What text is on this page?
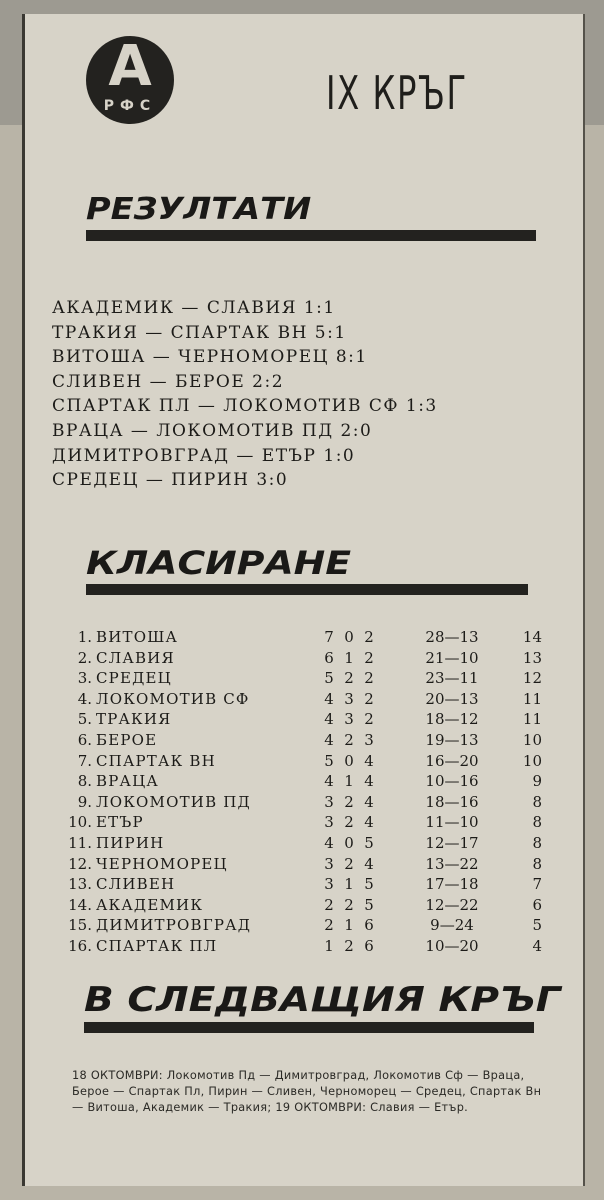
А
РФС	IX КРЪГ
РЕЗУЛТАТИ
АКАДЕМИК — СЛАВИЯ 1:1
ТРАКИЯ — СПАРТАК ВН 5:1
ВИТОША — ЧЕРНОМОРЕЦ 8:1
СЛИВЕН — БЕРОЕ 2:2
СПАРТАК ПЛ — ЛОКОМОТИВ СФ 1:3
ВРАЦА — ЛОКОМОТИВ ПД 2:0
ДИМИТРОВГРАД — ЕТЪР 1:0
СРЕДЕЦ — ПИРИН 3:0
КЛАСИРАНЕ
1. ВИТОША	7 0 2	28—13	14
2. СЛАВИЯ	6 1 2	21—10	13
3. СРЕДЕЦ	5 2 2	23—11	12
4. ЛОКОМОТИВ СФ	4 3 2	20—13	11
5. ТРАКИЯ	4 3 2	18—12	11
6. БЕРОЕ	4 2 3	19—13	10
7. СПАРТАК ВН	5 0 4	16—20	10
8. ВРАЦА	4 1 4	10—16	9
9. ЛОКОМОТИВ ПД	3 2 4	18—16	8
10. ЕТЪР	3 2 4	11—10	8
11. ПИРИН	4 0 5	12—17	8
12. ЧЕРНОМОРЕЦ	3 2 4	13—22	8
13. СЛИВЕН	3 1 5	17—18	7
14. АКАДЕМИК	2 2 5	12—22	6
15. ДИМИТРОВГРАД	2 1 6	9—24	5
16. СПАРТАК ПЛ	1 2 6	10—20	4
В СЛЕДВАЩИЯ КРЪГ
18 ОКТОМВРИ: Локомотив Пд — Димитровград, Локомотив Сф — Враца, Берое — Спартак Пл, Пирин — Сливен, Черноморец — Средец, Спартак Вн — Витоша, Академик — Тракия; 19 ОКТОМВРИ: Славия — Етър.
